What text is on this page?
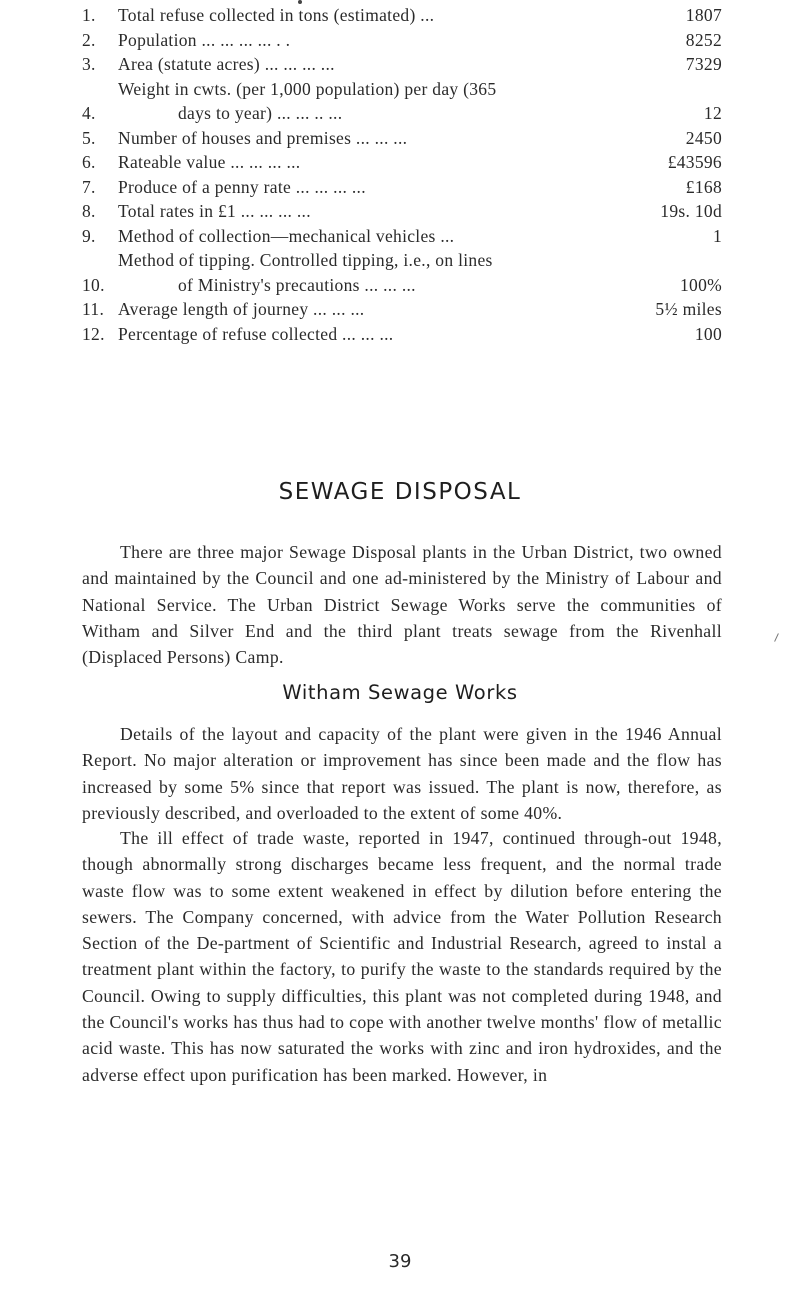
1.	Total refuse collected in tons (estimated) ...	1807
2.	Population ... ... ... ... . .	8252
3.	Area (statute acres) ... ... ... ...	7329
4.
Weight in cwts. (per 1,000 population) per day (365
days to year) ... ... .. ...	12
5.	Number of houses and premises ... ... ...	2450
6.	Rateable value ... ... ... ...	£43596
7.	Produce of a penny rate ... ... ... ...	£168
8.	Total rates in £1 ... ... ... ...	19s. 10d
9.	Method of collection—mechanical vehicles ...	1
10.
Method of tipping. Controlled tipping, i.e., on lines
of Ministry's precautions ... ... ...	100%
11. Average length of journey ... ... ...	5½ miles
12. Percentage of refuse collected ... ... ...	100
SEWAGE DISPOSAL

There are three major Sewage Disposal plants in the Urban District, two owned and maintained by the Council and one ad-ministered by the Ministry of Labour and National Service. The Urban District Sewage Works serve the communities of Witham and Silver End and the third plant treats sewage from the Rivenhall (Displaced Persons) Camp.

Witham Sewage Works

Details of the layout and capacity of the plant were given in the 1946 Annual Report. No major alteration or improvement has since been made and the flow has increased by some 5% since that report was issued. The plant is now, therefore, as previously described, and overloaded to the extent of some 40%.

The ill effect of trade waste, reported in 1947, continued through-out 1948, though abnormally strong discharges became less frequent, and the normal trade waste flow was to some extent weakened in effect by dilution before entering the sewers. The Company concerned, with advice from the Water Pollution Research Section of the De-partment of Scientific and Industrial Research, agreed to instal a treatment plant within the factory, to purify the waste to the standards required by the Council. Owing to supply difficulties, this plant was not completed during 1948, and the Council's works has thus had to cope with another twelve months' flow of metallic acid waste. This has now saturated the works with zinc and iron hydroxides, and the adverse effect upon purification has been marked. However, in

39
